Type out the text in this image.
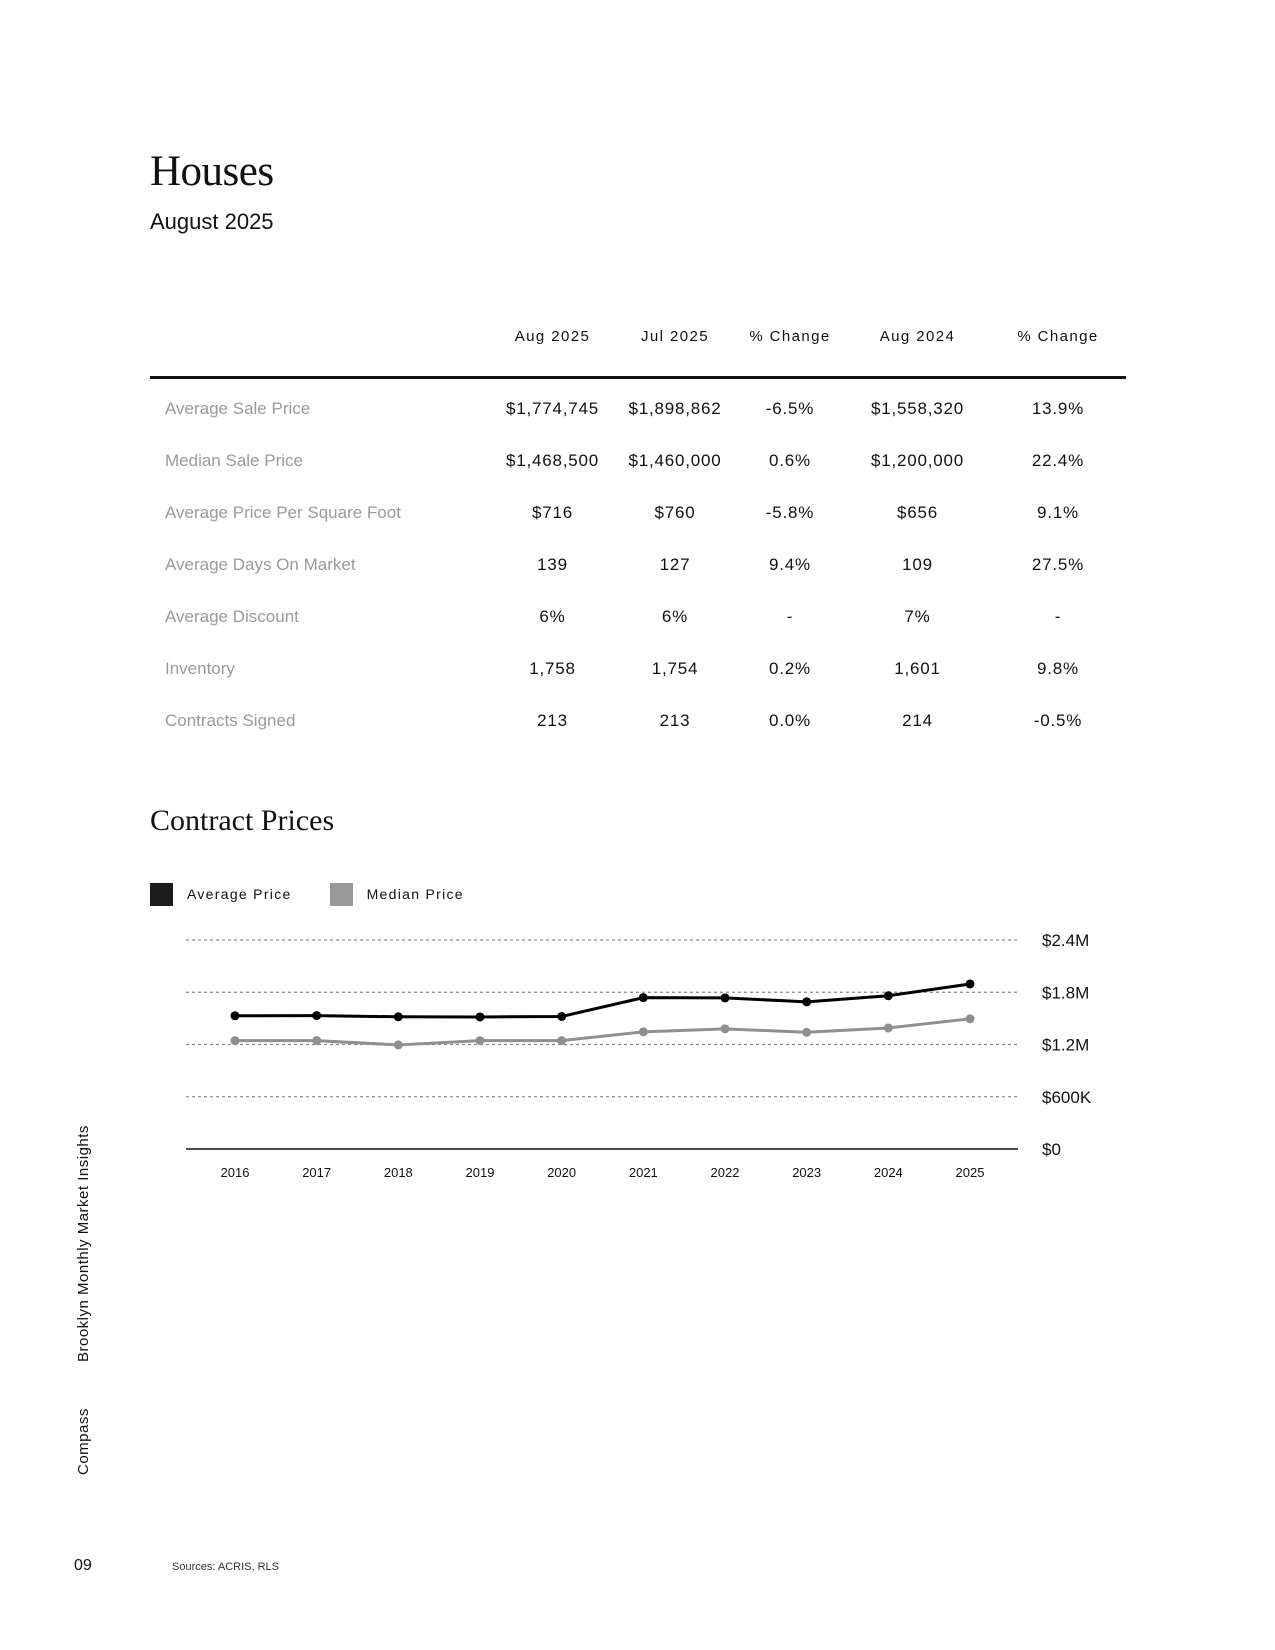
Houses
August 2025
	Aug 2025	Jul 2025	% Change	Aug 2024	% Change
Average Sale Price	$1,774,745	$1,898,862	-6.5%	$1,558,320	13.9%
Median Sale Price	$1,468,500	$1,460,000	0.6%	$1,200,000	22.4%
Average Price Per Square Foot	$716	$760	-5.8%	$656	9.1%
Average Days On Market	139	127	9.4%	109	27.5%
Average Discount	6%	6%	-	7%	-
Inventory	1,758	1,754	0.2%	1,601	9.8%
Contracts Signed	213	213	0.0%	214	-0.5%
Contract Prices
Average Price	Median Price
$2.4M
$1.8M
$1.2M
$600K
$0
2016	2017	2018	2019	2020	2021	2022	2023	2024	2025
Brooklyn Monthly Market Insights
Compass
09	Sources: ACRIS, RLS
